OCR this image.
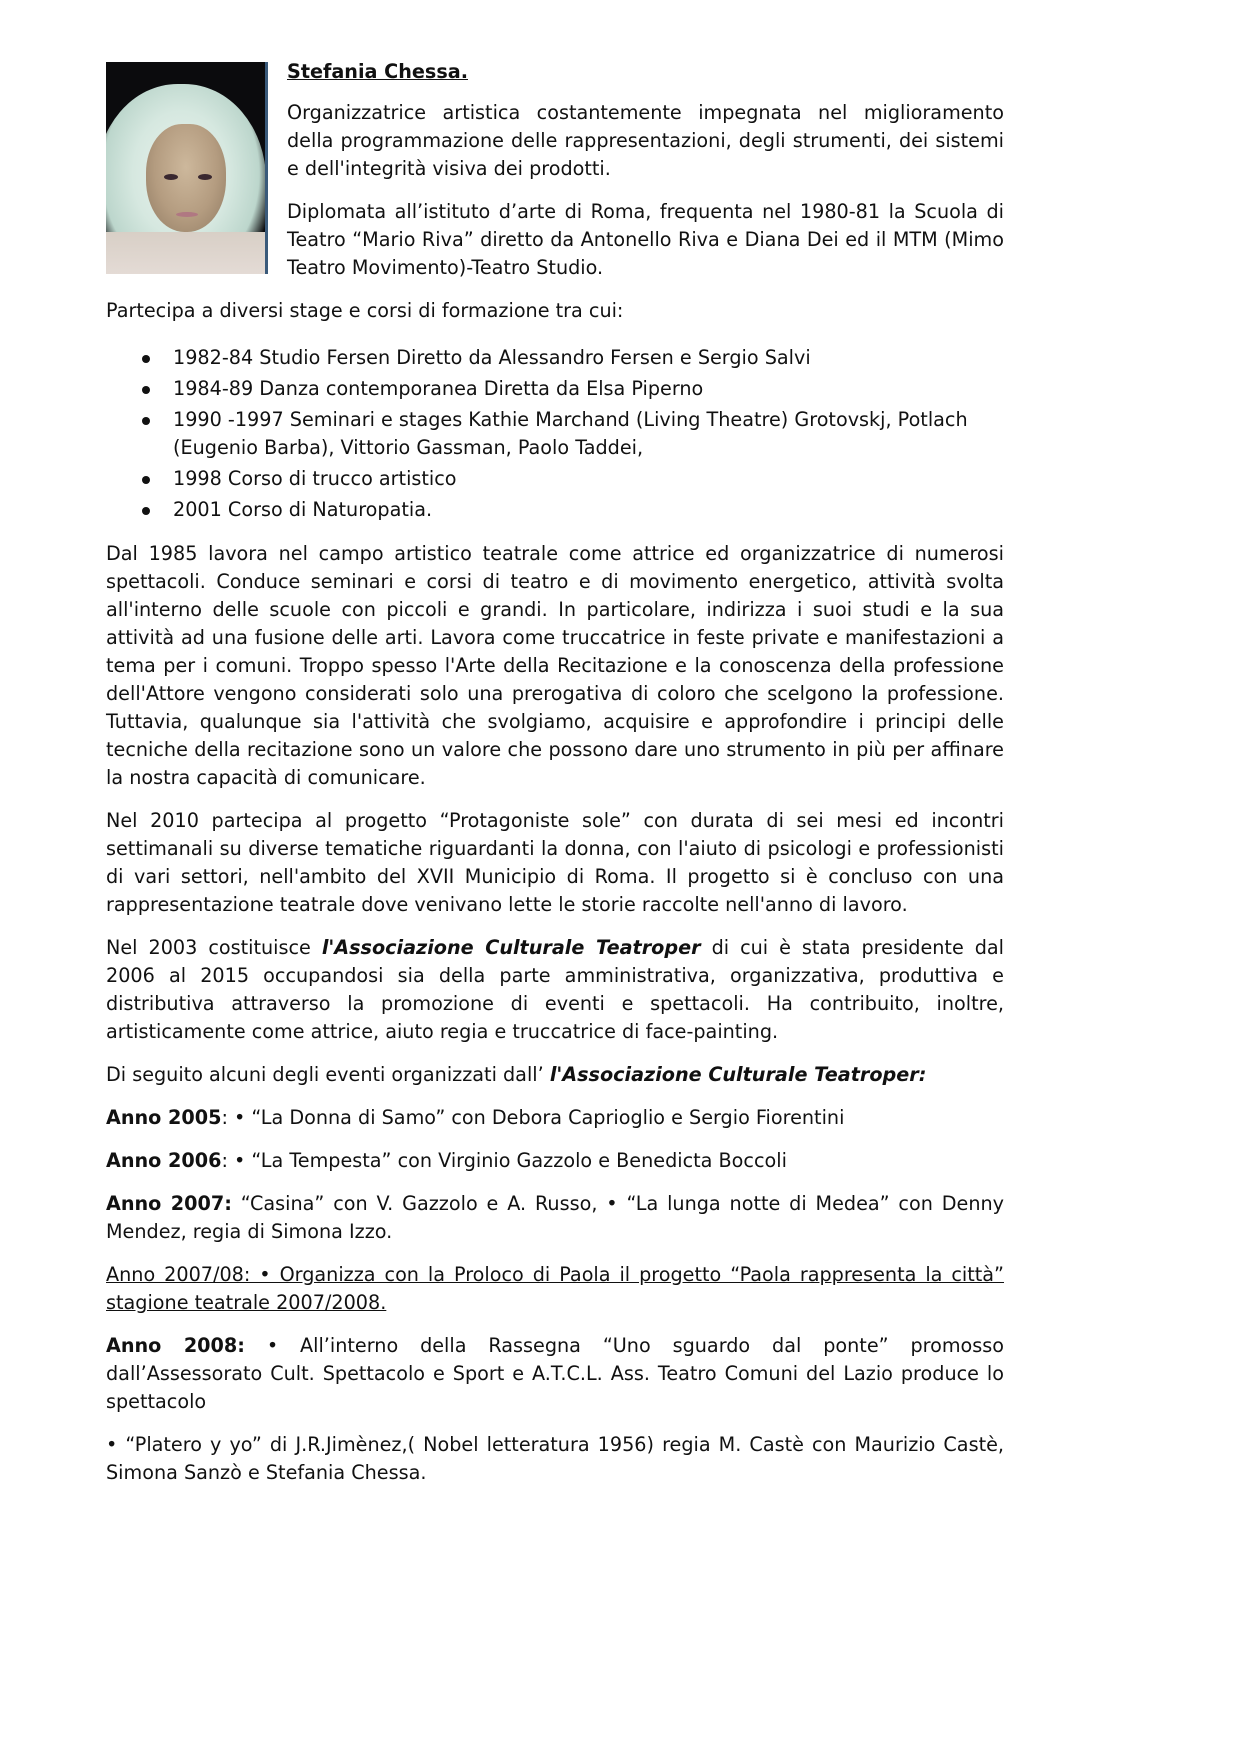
Stefania Chessa.

Organizzatrice artistica costantemente impegnata nel miglioramento della programmazione delle rappresentazioni, degli strumenti, dei sistemi e dell'integrità visiva dei prodotti.

Diplomata all’istituto d’arte di Roma, frequenta nel 1980-81 la Scuola di Teatro “Mario Riva” diretto da Antonello Riva e Diana Dei ed il MTM (Mimo Teatro Movimento)-Teatro Studio.

Partecipa a diversi stage e corsi di formazione tra cui:

1982-84 Studio Fersen Diretto da Alessandro Fersen e Sergio Salvi
1984-89 Danza contemporanea Diretta da Elsa Piperno
1990 -1997 Seminari e stages Kathie Marchand (Living Theatre) Grotovskj, Potlach (Eugenio Barba), Vittorio Gassman, Paolo Taddei,
1998 Corso di trucco artistico
2001 Corso di Naturopatia.

Dal 1985 lavora nel campo artistico teatrale come attrice ed organizzatrice di numerosi spettacoli. Conduce seminari e corsi di teatro e di movimento energetico, attività svolta all'interno delle scuole con piccoli e grandi. In particolare, indirizza i suoi studi e la sua attività ad una fusione delle arti. Lavora come truccatrice in feste private e manifestazioni a tema per i comuni. Troppo spesso l'Arte della Recitazione e la conoscenza della professione dell'Attore vengono considerati solo una prerogativa di coloro che scelgono la professione. Tuttavia, qualunque sia l'attività che svolgiamo, acquisire e approfondire i principi delle tecniche della recitazione sono un valore che possono dare uno strumento in più per affinare la nostra capacità di comunicare.

Nel 2010 partecipa al progetto “Protagoniste sole” con durata di sei mesi ed incontri settimanali su diverse tematiche riguardanti la donna, con l'aiuto di psicologi e professionisti di vari settori, nell'ambito del XVII Municipio di Roma. Il progetto si è concluso con una rappresentazione teatrale dove venivano lette le storie raccolte nell'anno di lavoro.

Nel 2003 costituisce l'Associazione Culturale Teatroper di cui è stata presidente dal 2006 al 2015 occupandosi sia della parte amministrativa, organizzativa, produttiva e distributiva attraverso la promozione di eventi e spettacoli. Ha contribuito, inoltre, artisticamente come attrice, aiuto regia e truccatrice di face-painting.

Di seguito alcuni degli eventi organizzati dall’ l'Associazione Culturale Teatroper:

Anno 2005: • “La Donna di Samo” con Debora Caprioglio e Sergio Fiorentini

Anno 2006: • “La Tempesta” con Virginio Gazzolo e Benedicta Boccoli

Anno 2007: “Casina” con V. Gazzolo e A. Russo, • “La lunga notte di Medea” con Denny Mendez, regia di Simona Izzo.

Anno 2007/08: • Organizza con la Proloco di Paola il progetto “Paola rappresenta la città” stagione teatrale 2007/2008.

Anno 2008: • All’interno della Rassegna “Uno sguardo dal ponte” promosso dall’Assessorato Cult. Spettacolo e Sport e A.T.C.L. Ass. Teatro Comuni del Lazio produce lo spettacolo

• “Platero y yo” di J.R.Jimènez,( Nobel letteratura 1956) regia M. Castè con Maurizio Castè, Simona Sanzò e Stefania Chessa.
